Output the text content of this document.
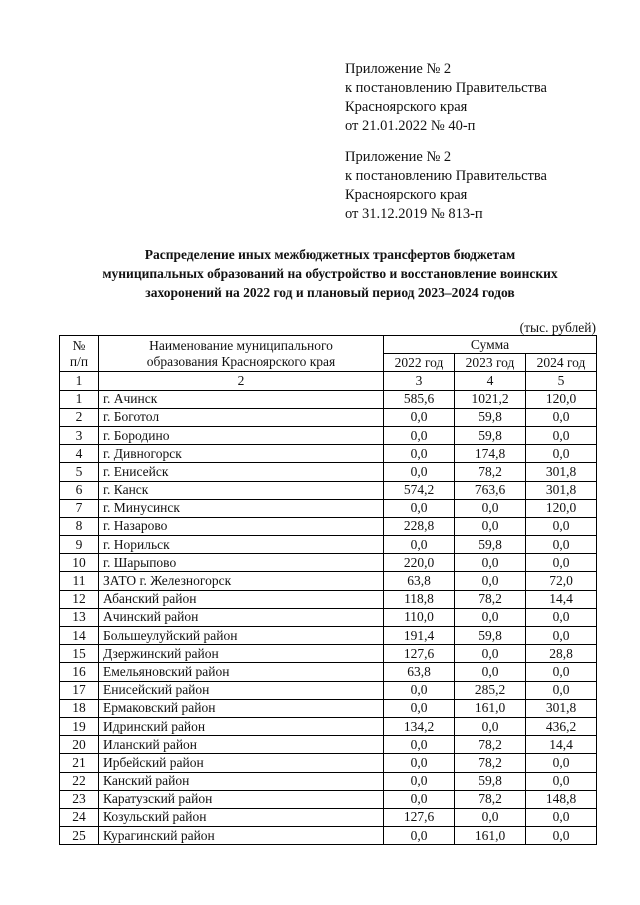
Приложение № 2
к постановлению Правительства
Красноярского края
от 21.01.2022 № 40-п
Приложение № 2
к постановлению Правительства
Красноярского края
от 31.12.2019 № 813-п
Распределение иных межбюджетных трансфертов бюджетам
муниципальных образований на обустройство и восстановление воинских
захоронений на 2022 год и плановый период 2023–2024 годов
(тыс. рублей)
№
п/п	Наименование муниципального
образования Красноярского края	Сумма		
		2022 год	2023 год	2024 год
1	2	3	4	5
1	г. Ачинск	585,6	1021,2	120,0
2	г. Боготол	0,0	59,8	0,0
3	г. Бородино	0,0	59,8	0,0
4	г. Дивногорск	0,0	174,8	0,0
5	г. Енисейск	0,0	78,2	301,8
6	г. Канск	574,2	763,6	301,8
7	г. Минусинск	0,0	0,0	120,0
8	г. Назарово	228,8	0,0	0,0
9	г. Норильск	0,0	59,8	0,0
10	г. Шарыпово	220,0	0,0	0,0
11	ЗАТО г. Железногорск	63,8	0,0	72,0
12	Абанский район	118,8	78,2	14,4
13	Ачинский район	110,0	0,0	0,0
14	Большеулуйский район	191,4	59,8	0,0
15	Дзержинский район	127,6	0,0	28,8
16	Емельяновский район	63,8	0,0	0,0
17	Енисейский район	0,0	285,2	0,0
18	Ермаковский район	0,0	161,0	301,8
19	Идринский район	134,2	0,0	436,2
20	Иланский район	0,0	78,2	14,4
21	Ирбейский район	0,0	78,2	0,0
22	Канский район	0,0	59,8	0,0
23	Каратузский район	0,0	78,2	148,8
24	Козульский район	127,6	0,0	0,0
25	Курагинский район	0,0	161,0	0,0
